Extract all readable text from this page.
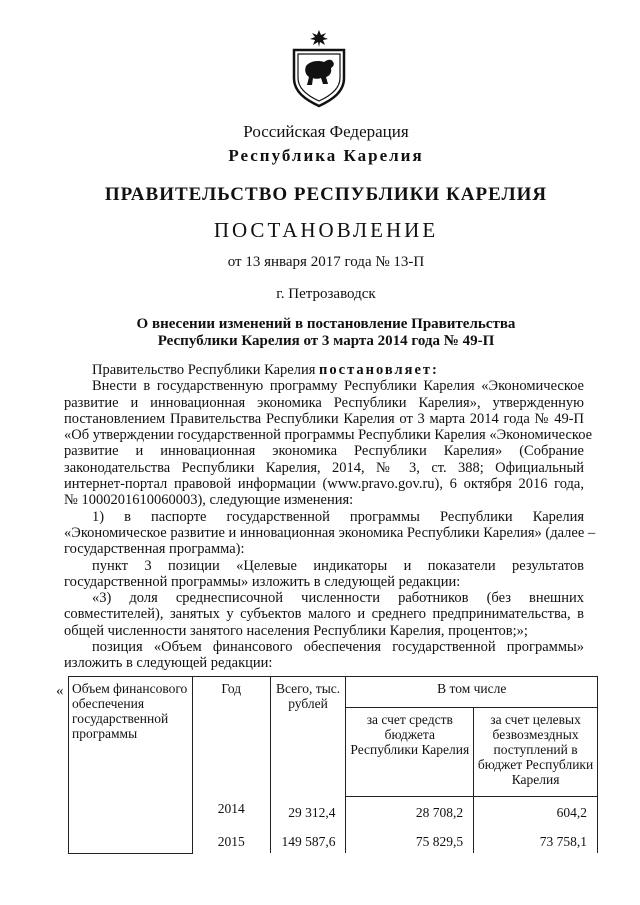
Российская Федерация
Республика Карелия
ПРАВИТЕЛЬСТВО РЕСПУБЛИКИ КАРЕЛИЯ
ПОСТАНОВЛЕНИЕ
от 13 января 2017 года № 13-П
г. Петрозаводск
О внесении изменений в постановление Правительства
Республики Карелия от 3 марта 2014 года № 49-П
Правительство Республики Карелия постановляет:
Внести в государственную программу Республики Карелия «Экономическое
развитие и инновационная экономика Республики Карелия», утвержденную
постановлением Правительства Республики Карелия от 3 марта 2014 года № 49-П
«Об утверждении государственной программы Республики Карелия «Экономическое
развитие и инновационная экономика Республики Карелия» (Собрание
законодательства Республики Карелия, 2014, № 3, ст. 388; Официальный
интернет-портал правовой информации (www.pravo.gov.ru), 6 октября 2016 года,
№ 1000201610060003), следующие изменения:
1) в паспорте государственной программы Республики Карелия
«Экономическое развитие и инновационная экономика Республики Карелия» (далее –
государственная программа):
пункт 3 позиции «Целевые индикаторы и показатели результатов
государственной программы» изложить в следующей редакции:
«3) доля среднесписочной численности работников (без внешних
совместителей), занятых у субъектов малого и среднего предпринимательства, в
общей численности занятого населения Республики Карелия, процентов;»;
позиция «Объем финансового обеспечения государственной программы»
изложить в следующей редакции:
« Объем финансового обеспечения государственной программы	Год	Всего, тыс. рублей	В том числе	
			за счет средств бюджета Республики Карелия	за счет целевых безвозмездных поступлений в бюджет Республики Карелия
	2014	29 312,4	28 708,2	604,2
	2015	149 587,6	75 829,5	73 758,1
